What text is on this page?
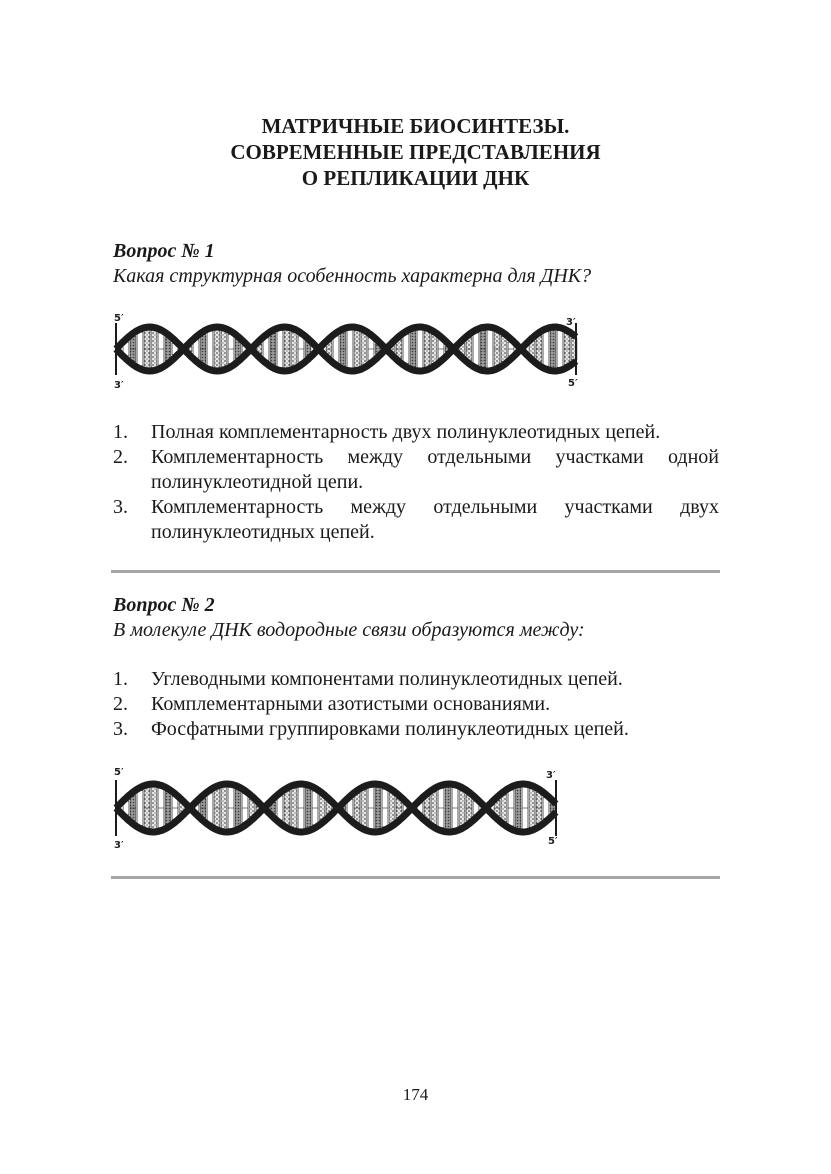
МАТРИЧНЫЕ БИОСИНТЕЗЫ.
СОВРЕМЕННЫЕ ПРЕДСТАВЛЕНИЯ
О РЕПЛИКАЦИИ ДНК
Вопрос № 1
Какая структурная особенность характерна для ДНК?
5′	3′
3′	5′
1. Полная комплементарность двух полинуклеотидных цепей.
2. Комплементарность между отдельными участками одной полинуклеотидной цепи.
3. Комплементарность между отдельными участками двух полинуклеотидных цепей.
Вопрос № 2
В молекуле ДНК водородные связи образуются между:
1. Углеводными компонентами полинуклеотидных цепей.
2. Комплементарными азотистыми основаниями.
3. Фосфатными группировками полинуклеотидных цепей.
5′	3′
3′	5′
174
